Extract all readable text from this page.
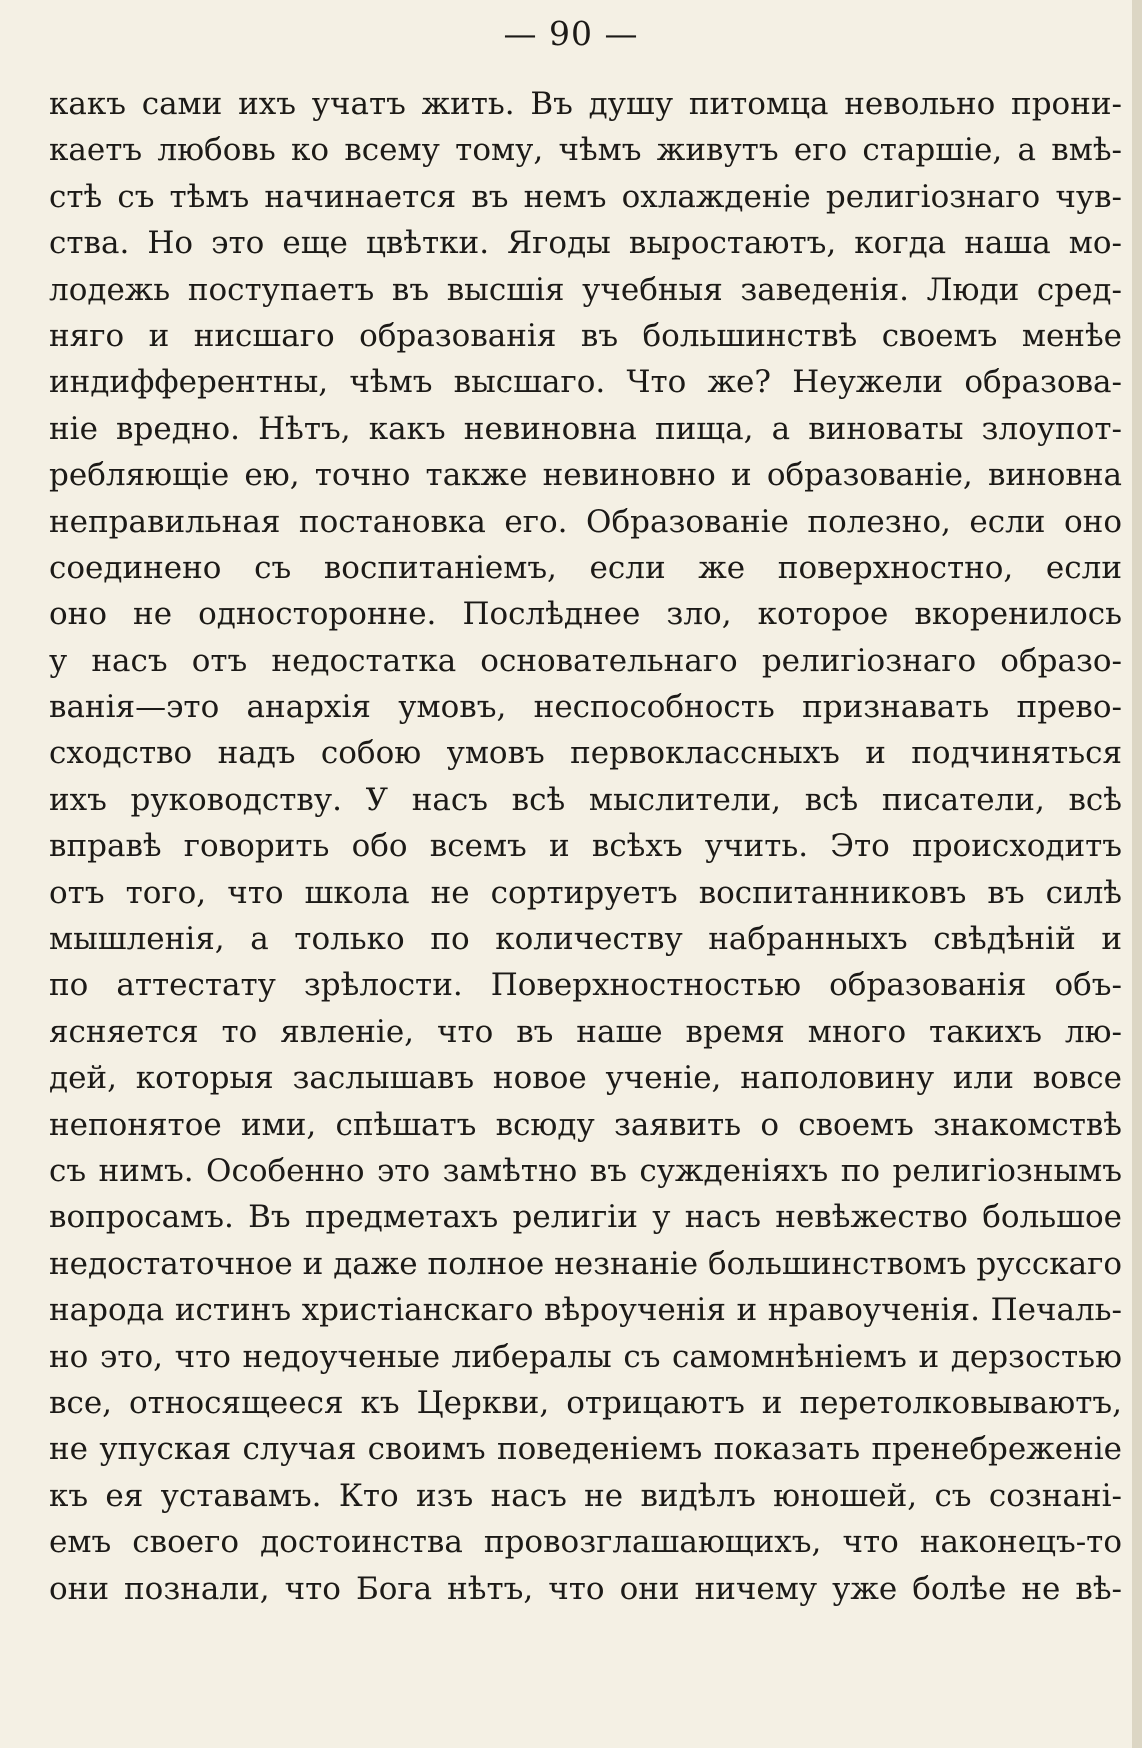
— 90 —
какъ сами ихъ учатъ жить. Въ душу питомца невольно прони-
каетъ любовь ко всему тому, чѣмъ живутъ его старшіе, а вмѣ-
стѣ съ тѣмъ начинается въ немъ охлажденіе религіознаго чув-
ства. Но это еще цвѣтки. Ягоды выростаютъ, когда наша мо-
лодежь поступаетъ въ высшія учебныя заведенія. Люди сред-
няго и нисшаго образованія въ большинствѣ своемъ менѣе
индифферентны, чѣмъ высшаго. Что же? Неужели образова-
ніе вредно. Нѣтъ, какъ невиновна пища, а виноваты злоупот-
ребляющіе ею, точно также невиновно и образованіе, виновна
неправильная постановка его. Образованіе полезно, если оно
соединено съ воспитаніемъ, если же поверхностно, если
оно не одностороннe. Послѣднее зло, которое вкоренилось
у насъ отъ недостатка основательнаго религіознаго образо-
ванія—это анархія умовъ, неспособность признавать прево-
сходство надъ собою умовъ первоклассныхъ и подчиняться
ихъ руководству. У насъ всѣ мыслители, всѣ писатели, всѣ
вправѣ говорить обо всемъ и всѣхъ учить. Это происходитъ
отъ того, что школа не сортируетъ воспитанниковъ въ силѣ
мышленія, а только по количеству набранныхъ свѣдѣній и
по аттестату зрѣлости. Поверхностностью образованія объ-
ясняется то явленіе, что въ наше время много такихъ лю-
дей, которыя заслышавъ новое ученіе, наполовину или вовсе
непонятое ими, спѣшатъ всюду заявить о своемъ знакомствѣ
съ нимъ. Особенно это замѣтно въ сужденіяхъ по религіознымъ
вопросамъ. Въ предметахъ религіи у насъ невѣжество большое
недостаточное и даже полное незнаніе большинствомъ русскаго
народа истинъ христіанскаго вѣроученія и нравоученія. Печаль-
но это, что недоученые либералы съ самомнѣніемъ и дерзостью
все, относящееся къ Церкви, отрицаютъ и перетолковываютъ,
не упуская случая своимъ поведеніемъ показать пренебреженіе
къ ея уставамъ. Кто изъ насъ не видѣлъ юношей, съ сознані-
емъ своего достоинства провозглашающихъ, что наконецъ-то
они познали, что Бога нѣтъ, что они ничему уже болѣе не вѣ-
